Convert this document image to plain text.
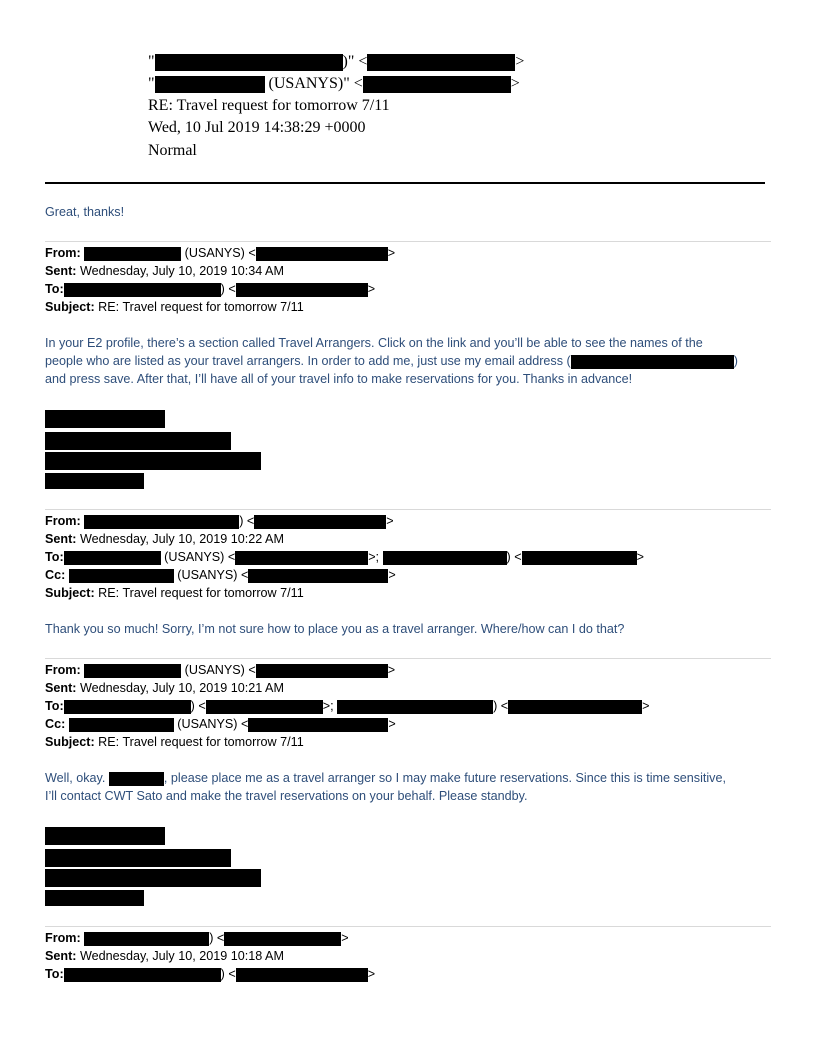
"	)" <	>
"	(USANYS)" <	>
RE: Travel request for tomorrow 7/11
Wed, 10 Jul 2019 14:38:29 +0000
Normal
Great, thanks!
From:	(USANYS) <	>
Sent: Wednesday, July 10, 2019 10:34 AM
To:	) <	>
Subject: RE: Travel request for tomorrow 7/11
In your E2 profile, there’s a section called Travel Arrangers. Click on the link and you’ll be able to see the names of the
people who are listed as your travel arrangers. In order to add me, just use my email address (	)
and press save. After that, I’ll have all of your travel info to make reservations for you. Thanks in advance!
From:	) <	>
Sent: Wednesday, July 10, 2019 10:22 AM
To:	(USANYS) <	>;	) <	>
Cc:	(USANYS) <	>
Subject: RE: Travel request for tomorrow 7/11
Thank you so much! Sorry, I’m not sure how to place you as a travel arranger. Where/how can I do that?
From:	(USANYS) <	>
Sent: Wednesday, July 10, 2019 10:21 AM
To:	) <	>;	) <	>
Cc:	(USANYS) <	>
Subject: RE: Travel request for tomorrow 7/11
Well, okay.	, please place me as a travel arranger so I may make future reservations. Since this is time sensitive,
I’ll contact CWT Sato and make the travel reservations on your behalf. Please standby.
From:	) <	>
Sent: Wednesday, July 10, 2019 10:18 AM
To:	) <	>
